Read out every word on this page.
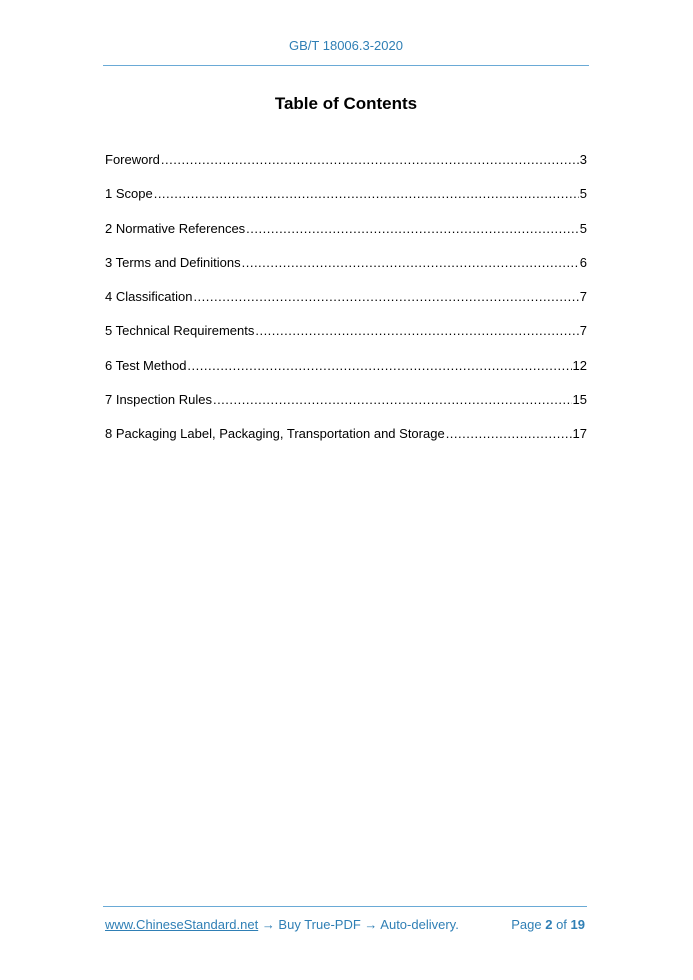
GB/T 18006.3-2020
Table of Contents
Foreword .....	3
1 Scope .....	5
2 Normative References .....	5
3 Terms and Definitions .....	6
4 Classification .....	7
5 Technical Requirements .....	7
6 Test Method .....	12
7 Inspection Rules .....	15
8 Packaging Label, Packaging, Transportation and Storage .....	17
www.ChineseStandard.net → Buy True-PDF → Auto-delivery.	Page 2 of 19
